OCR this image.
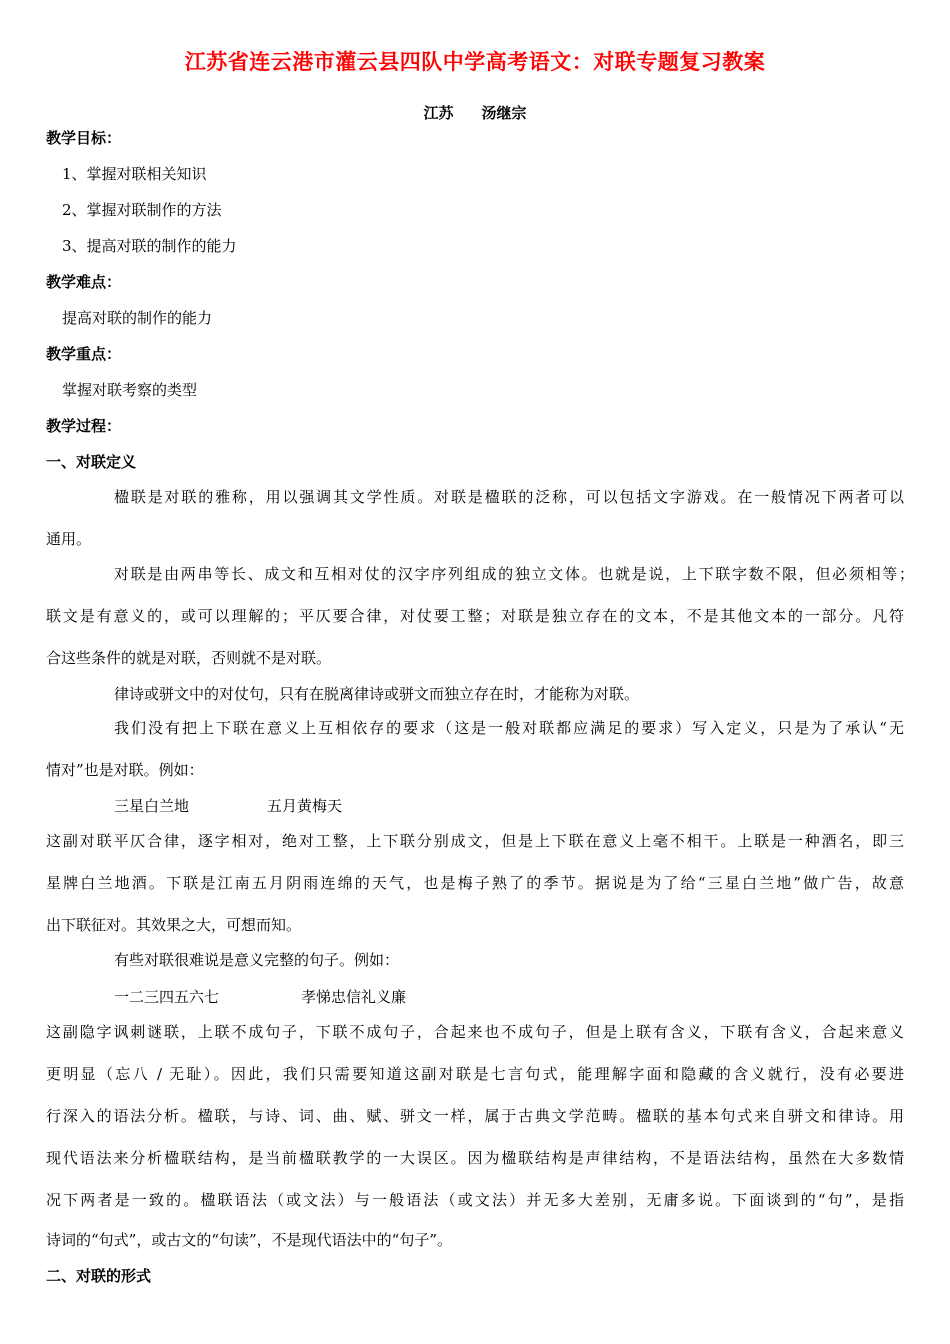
江苏省连云港市灌云县四队中学高考语文：对联专题复习教案
江苏 汤继宗
教学目标：
1、掌握对联相关知识
2、掌握对联制作的方法
3、提高对联的制作的能力
教学难点：
提高对联的制作的能力
教学重点：
掌握对联考察的类型
教学过程：
一、对联定义
楹联是对联的雅称，用以强调其文学性质。对联是楹联的泛称，可以包括文字游戏。在一般情况下两者可以
通用。
对联是由两串等长、成文和互相对仗的汉字序列组成的独立文体。也就是说，上下联字数不限，但必须相等；
联文是有意义的，或可以理解的；平仄要合律，对仗要工整；对联是独立存在的文本，不是其他文本的一部分。凡符
合这些条件的就是对联，否则就不是对联。
律诗或骈文中的对仗句，只有在脱离律诗或骈文而独立存在时，才能称为对联。
我们没有把上下联在意义上互相依存的要求（这是一般对联都应满足的要求）写入定义，只是为了承认“无
情对”也是对联。例如：
三星白兰地	五月黄梅天
这副对联平仄合律，逐字相对，绝对工整，上下联分别成文，但是上下联在意义上毫不相干。上联是一种酒名，即三
星牌白兰地酒。下联是江南五月阴雨连绵的天气，也是梅子熟了的季节。据说是为了给“三星白兰地”做广告，故意
出下联征对。其效果之大，可想而知。
有些对联很难说是意义完整的句子。例如：
一二三四五六七	孝悌忠信礼义廉
这副隐字讽刺谜联，上联不成句子，下联不成句子，合起来也不成句子，但是上联有含义，下联有含义，合起来意义
更明显（忘八 / 无耻）。因此，我们只需要知道这副对联是七言句式，能理解字面和隐藏的含义就行，没有必要进
行深入的语法分析。楹联，与诗、词、曲、赋、骈文一样，属于古典文学范畴。楹联的基本句式来自骈文和律诗。用
现代语法来分析楹联结构，是当前楹联教学的一大误区。因为楹联结构是声律结构，不是语法结构，虽然在大多数情
况下两者是一致的。楹联语法（或文法）与一般语法（或文法）并无多大差别，无庸多说。下面谈到的“句”，是指
诗词的“句式”，或古文的“句读”，不是现代语法中的“句子”。
二、对联的形式
